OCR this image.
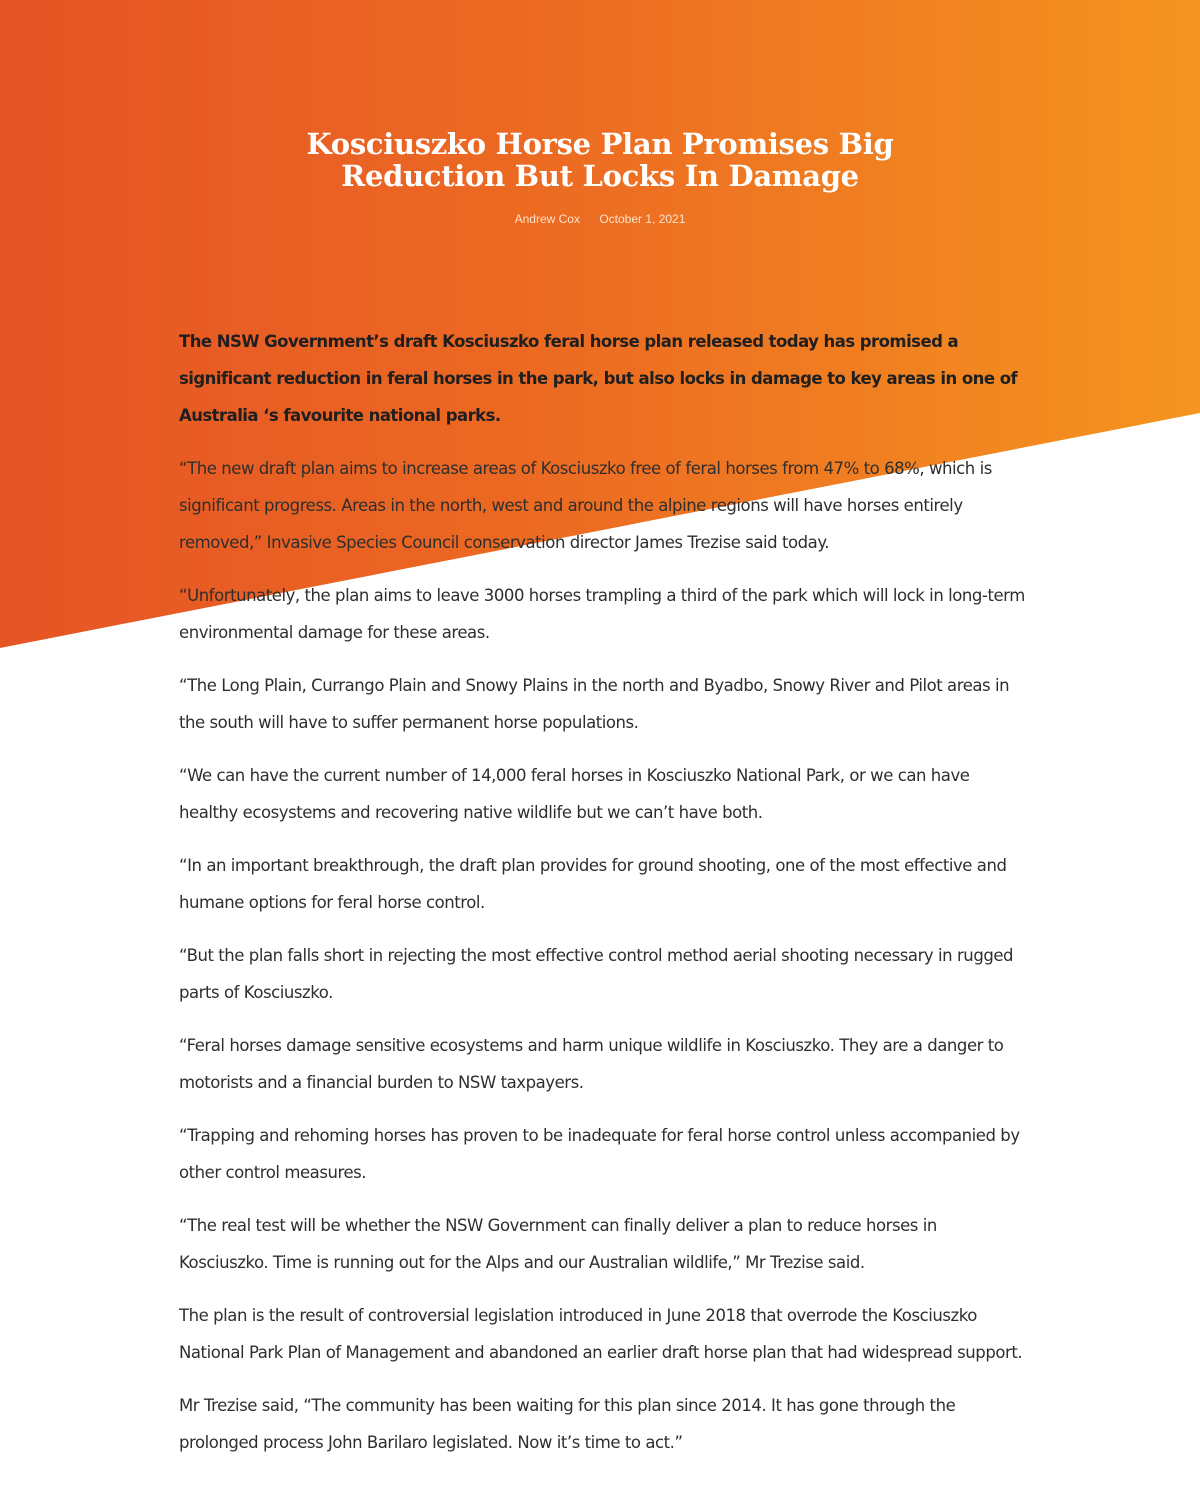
Kosciuszko Horse Plan Promises Big Reduction But Locks In Damage
Andrew Cox October 1, 2021

The NSW Government’s draft Kosciuszko feral horse plan released today has promised a significant reduction in feral horses in the park, but also locks in damage to key areas in one of Australia ‘s favourite national parks.

“The new draft plan aims to increase areas of Kosciuszko free of feral horses from 47% to 68%, which is significant progress. Areas in the north, west and around the alpine regions will have horses entirely removed,” Invasive Species Council conservation director James Trezise said today.

“Unfortunately, the plan aims to leave 3000 horses trampling a third of the park which will lock in long-term environmental damage for these areas.

“The Long Plain, Currango Plain and Snowy Plains in the north and Byadbo, Snowy River and Pilot areas in the south will have to suffer permanent horse populations.

“We can have the current number of 14,000 feral horses in Kosciuszko National Park, or we can have healthy ecosystems and recovering native wildlife but we can’t have both.

“In an important breakthrough, the draft plan provides for ground shooting, one of the most effective and humane options for feral horse control.

“But the plan falls short in rejecting the most effective control method aerial shooting necessary in rugged parts of Kosciuszko.

“Feral horses damage sensitive ecosystems and harm unique wildlife in Kosciuszko. They are a danger to motorists and a financial burden to NSW taxpayers.

“Trapping and rehoming horses has proven to be inadequate for feral horse control unless accompanied by other control measures.

“The real test will be whether the NSW Government can finally deliver a plan to reduce horses in Kosciuszko. Time is running out for the Alps and our Australian wildlife,” Mr Trezise said.

The plan is the result of controversial legislation introduced in June 2018 that overrode the Kosciuszko National Park Plan of Management and abandoned an earlier draft horse plan that had widespread support.

Mr Trezise said, “The community has been waiting for this plan since 2014. It has gone through the prolonged process John Barilaro legislated. Now it’s time to act.”
